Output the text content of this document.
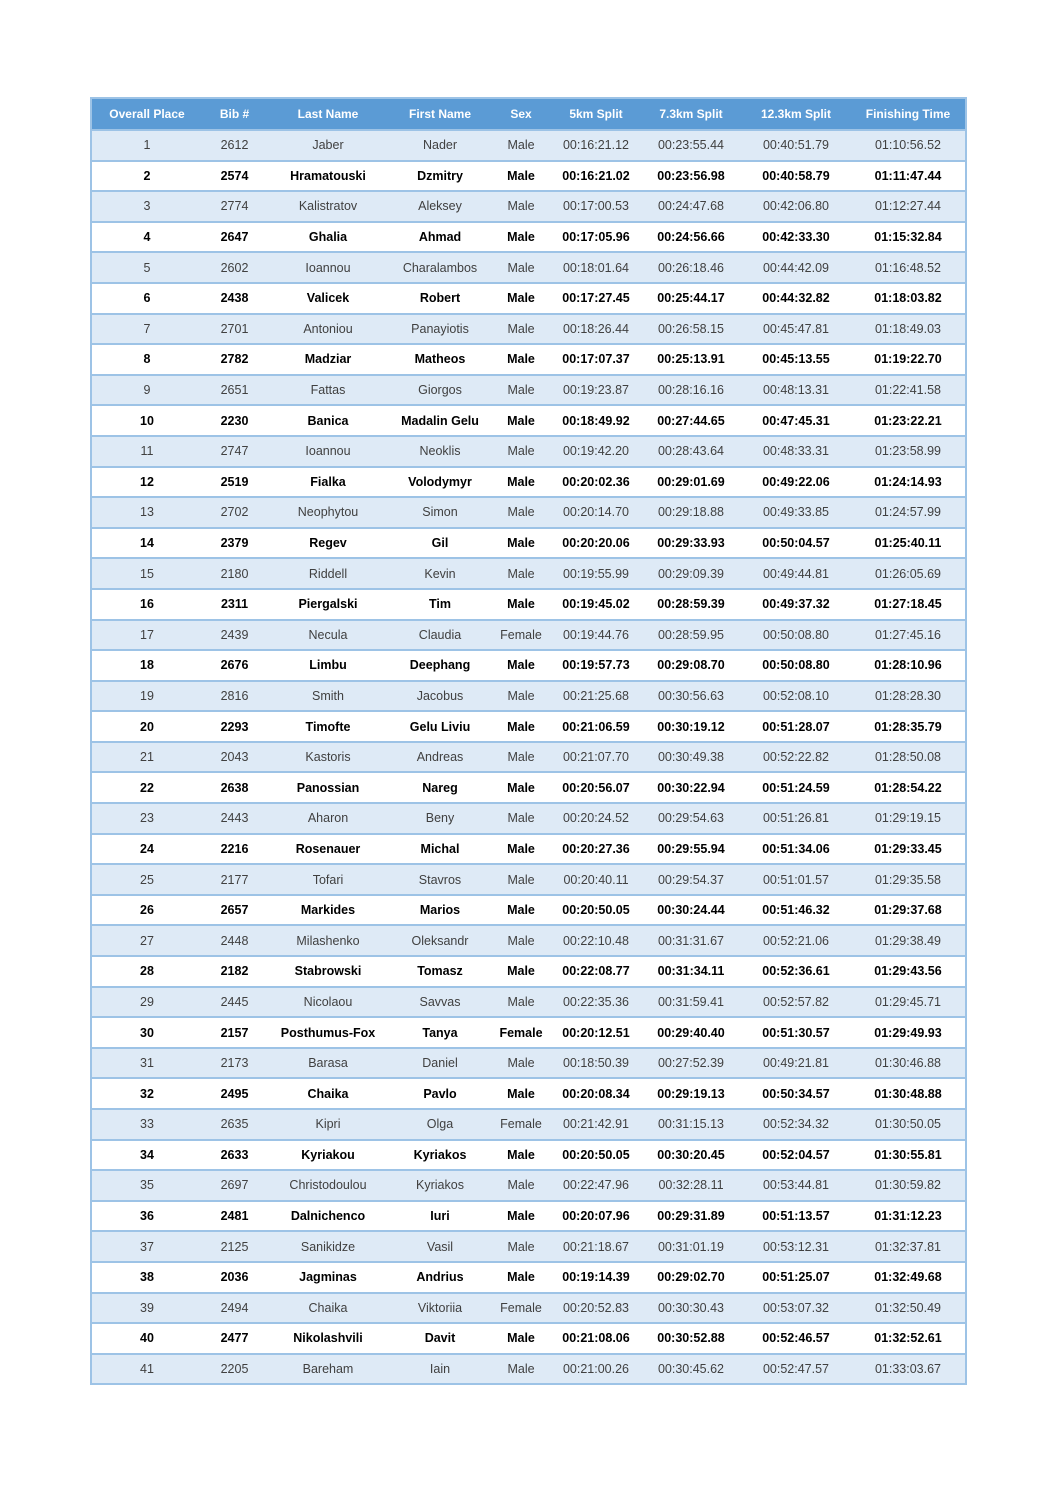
Overall Place	Bib #	Last Name	First Name	Sex	5km Split	7.3km Split	12.3km Split	Finishing Time
1	2612	Jaber	Nader	Male	00:16:21.12	00:23:55.44	00:40:51.79	01:10:56.52
2	2574	Hramatouski	Dzmitry	Male	00:16:21.02	00:23:56.98	00:40:58.79	01:11:47.44
3	2774	Kalistratov	Aleksey	Male	00:17:00.53	00:24:47.68	00:42:06.80	01:12:27.44
4	2647	Ghalia	Ahmad	Male	00:17:05.96	00:24:56.66	00:42:33.30	01:15:32.84
5	2602	Ioannou	Charalambos	Male	00:18:01.64	00:26:18.46	00:44:42.09	01:16:48.52
6	2438	Valicek	Robert	Male	00:17:27.45	00:25:44.17	00:44:32.82	01:18:03.82
7	2701	Antoniou	Panayiotis	Male	00:18:26.44	00:26:58.15	00:45:47.81	01:18:49.03
8	2782	Madziar	Matheos	Male	00:17:07.37	00:25:13.91	00:45:13.55	01:19:22.70
9	2651	Fattas	Giorgos	Male	00:19:23.87	00:28:16.16	00:48:13.31	01:22:41.58
10	2230	Banica	Madalin Gelu	Male	00:18:49.92	00:27:44.65	00:47:45.31	01:23:22.21
11	2747	Ioannou	Neoklis	Male	00:19:42.20	00:28:43.64	00:48:33.31	01:23:58.99
12	2519	Fialka	Volodymyr	Male	00:20:02.36	00:29:01.69	00:49:22.06	01:24:14.93
13	2702	Neophytou	Simon	Male	00:20:14.70	00:29:18.88	00:49:33.85	01:24:57.99
14	2379	Regev	Gil	Male	00:20:20.06	00:29:33.93	00:50:04.57	01:25:40.11
15	2180	Riddell	Kevin	Male	00:19:55.99	00:29:09.39	00:49:44.81	01:26:05.69
16	2311	Piergalski	Tim	Male	00:19:45.02	00:28:59.39	00:49:37.32	01:27:18.45
17	2439	Necula	Claudia	Female	00:19:44.76	00:28:59.95	00:50:08.80	01:27:45.16
18	2676	Limbu	Deephang	Male	00:19:57.73	00:29:08.70	00:50:08.80	01:28:10.96
19	2816	Smith	Jacobus	Male	00:21:25.68	00:30:56.63	00:52:08.10	01:28:28.30
20	2293	Timofte	Gelu Liviu	Male	00:21:06.59	00:30:19.12	00:51:28.07	01:28:35.79
21	2043	Kastoris	Andreas	Male	00:21:07.70	00:30:49.38	00:52:22.82	01:28:50.08
22	2638	Panossian	Nareg	Male	00:20:56.07	00:30:22.94	00:51:24.59	01:28:54.22
23	2443	Aharon	Beny	Male	00:20:24.52	00:29:54.63	00:51:26.81	01:29:19.15
24	2216	Rosenauer	Michal	Male	00:20:27.36	00:29:55.94	00:51:34.06	01:29:33.45
25	2177	Tofari	Stavros	Male	00:20:40.11	00:29:54.37	00:51:01.57	01:29:35.58
26	2657	Markides	Marios	Male	00:20:50.05	00:30:24.44	00:51:46.32	01:29:37.68
27	2448	Milashenko	Oleksandr	Male	00:22:10.48	00:31:31.67	00:52:21.06	01:29:38.49
28	2182	Stabrowski	Tomasz	Male	00:22:08.77	00:31:34.11	00:52:36.61	01:29:43.56
29	2445	Nicolaou	Savvas	Male	00:22:35.36	00:31:59.41	00:52:57.82	01:29:45.71
30	2157	Posthumus-Fox	Tanya	Female	00:20:12.51	00:29:40.40	00:51:30.57	01:29:49.93
31	2173	Barasa	Daniel	Male	00:18:50.39	00:27:52.39	00:49:21.81	01:30:46.88
32	2495	Chaika	Pavlo	Male	00:20:08.34	00:29:19.13	00:50:34.57	01:30:48.88
33	2635	Kipri	Olga	Female	00:21:42.91	00:31:15.13	00:52:34.32	01:30:50.05
34	2633	Kyriakou	Kyriakos	Male	00:20:50.05	00:30:20.45	00:52:04.57	01:30:55.81
35	2697	Christodoulou	Kyriakos	Male	00:22:47.96	00:32:28.11	00:53:44.81	01:30:59.82
36	2481	Dalnichenco	Iuri	Male	00:20:07.96	00:29:31.89	00:51:13.57	01:31:12.23
37	2125	Sanikidze	Vasil	Male	00:21:18.67	00:31:01.19	00:53:12.31	01:32:37.81
38	2036	Jagminas	Andrius	Male	00:19:14.39	00:29:02.70	00:51:25.07	01:32:49.68
39	2494	Chaika	Viktoriia	Female	00:20:52.83	00:30:30.43	00:53:07.32	01:32:50.49
40	2477	Nikolashvili	Davit	Male	00:21:08.06	00:30:52.88	00:52:46.57	01:32:52.61
41	2205	Bareham	Iain	Male	00:21:00.26	00:30:45.62	00:52:47.57	01:33:03.67
